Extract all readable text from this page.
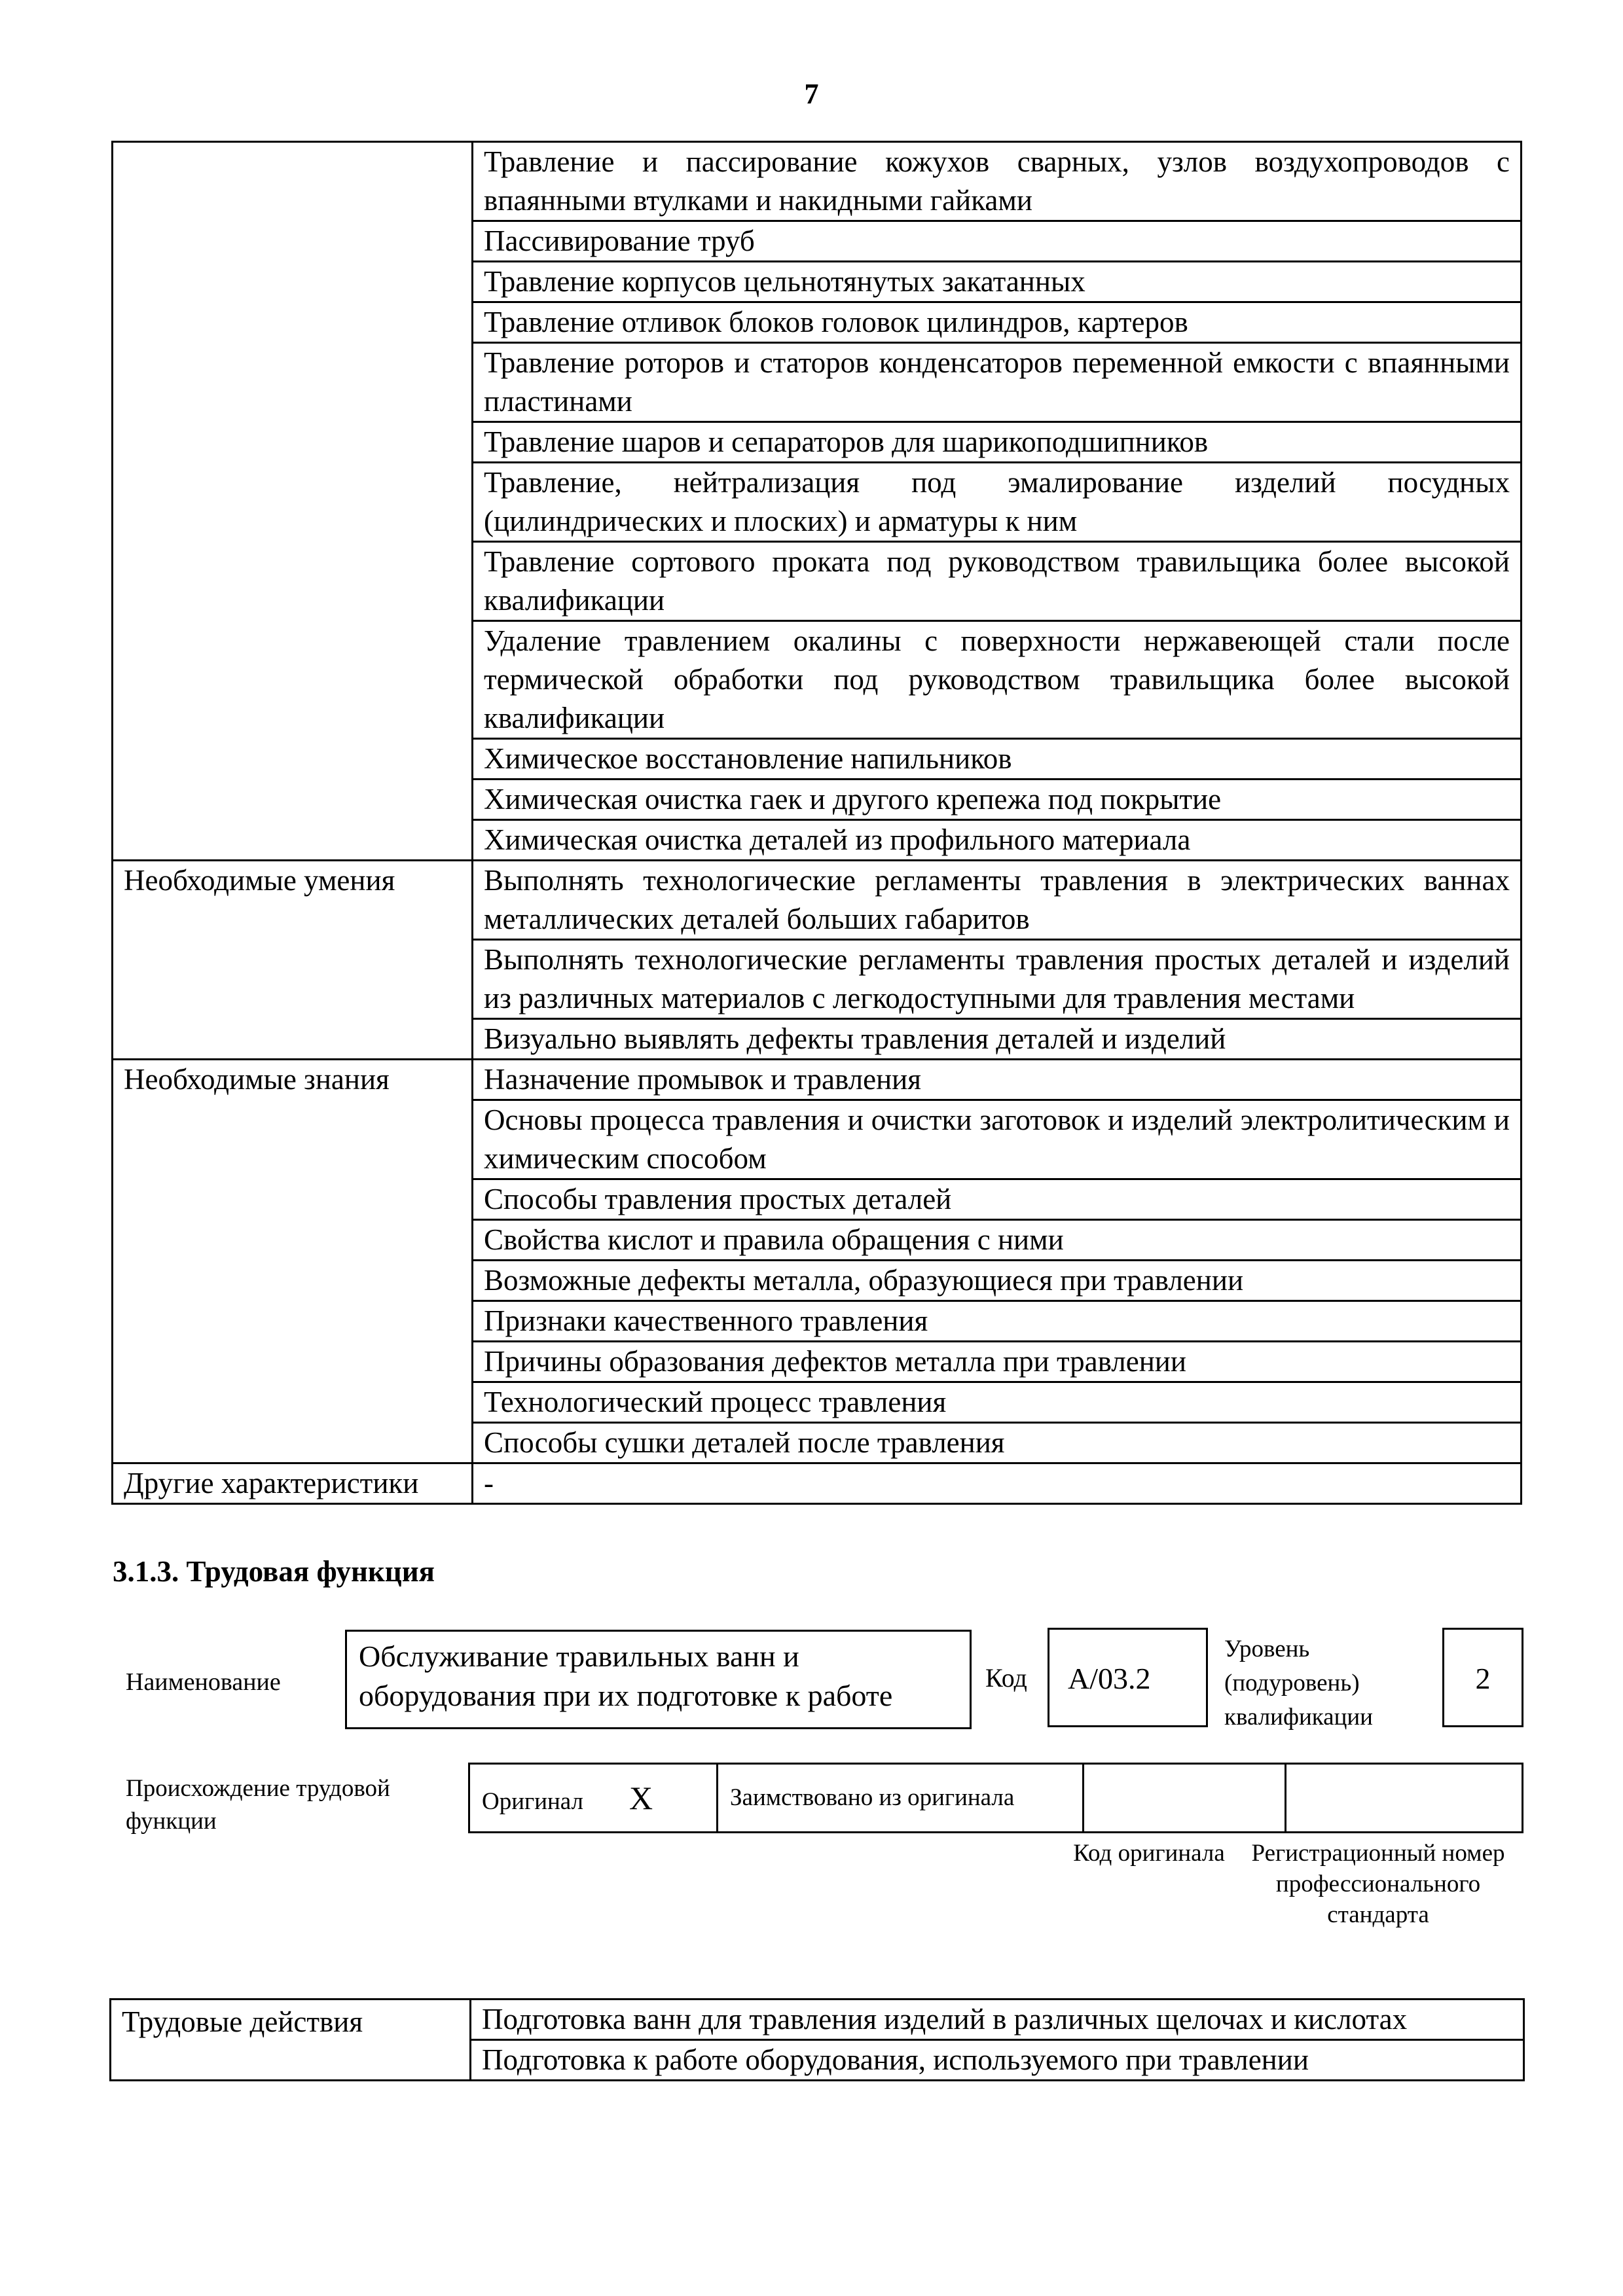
7
	Травление и пассирование кожухов сварных, узлов воздухопроводов с впаянными втулками и накидными гайками
	Пассивирование труб
	Травление корпусов цельнотянутых закатанных
	Травление отливок блоков головок цилиндров, картеров
	Травление роторов и статоров конденсаторов переменной емкости с впаянными пластинами
	Травление шаров и сепараторов для шарикоподшипников
	Травление, нейтрализация под эмалирование изделий посудных (цилиндрических и плоских) и арматуры к ним
	Травление сортового проката под руководством травильщика более высокой квалификации
	Удаление травлением окалины с поверхности нержавеющей стали после термической обработки под руководством травильщика более высокой квалификации
	Химическое восстановление напильников
	Химическая очистка гаек и другого крепежа под покрытие
	Химическая очистка деталей из профильного материала
Необходимые умения	Выполнять технологические регламенты травления в электрических ваннах металлических деталей больших габаритов
	Выполнять технологические регламенты травления простых деталей и изделий из различных материалов с легкодоступными для травления местами
	Визуально выявлять дефекты травления деталей и изделий
Необходимые знания	Назначение промывок и травления
	Основы процесса травления и очистки заготовок и изделий электролитическим и химическим способом
	Способы травления простых деталей
	Свойства кислот и правила обращения с ними
	Возможные дефекты металла, образующиеся при травлении
	Признаки качественного травления
	Причины образования дефектов металла при травлении
	Технологический процесс травления
	Способы сушки деталей после травления
Другие характеристики	-
3.1.3. Трудовая функция
Наименование
Обслуживание травильных ванн и оборудования при их подготовке к работе
Код	А/03.2
Уровень (подуровень) квалификации
2
Происхождение трудовой функции
Оригинал X	Заимствовано из оригинала		
Код оригинала	Регистрационный номер профессионального стандарта
Трудовые действия	Подготовка ванн для травления изделий в различных щелочах и кислотах
Подготовка к работе оборудования, используемого при травлении
